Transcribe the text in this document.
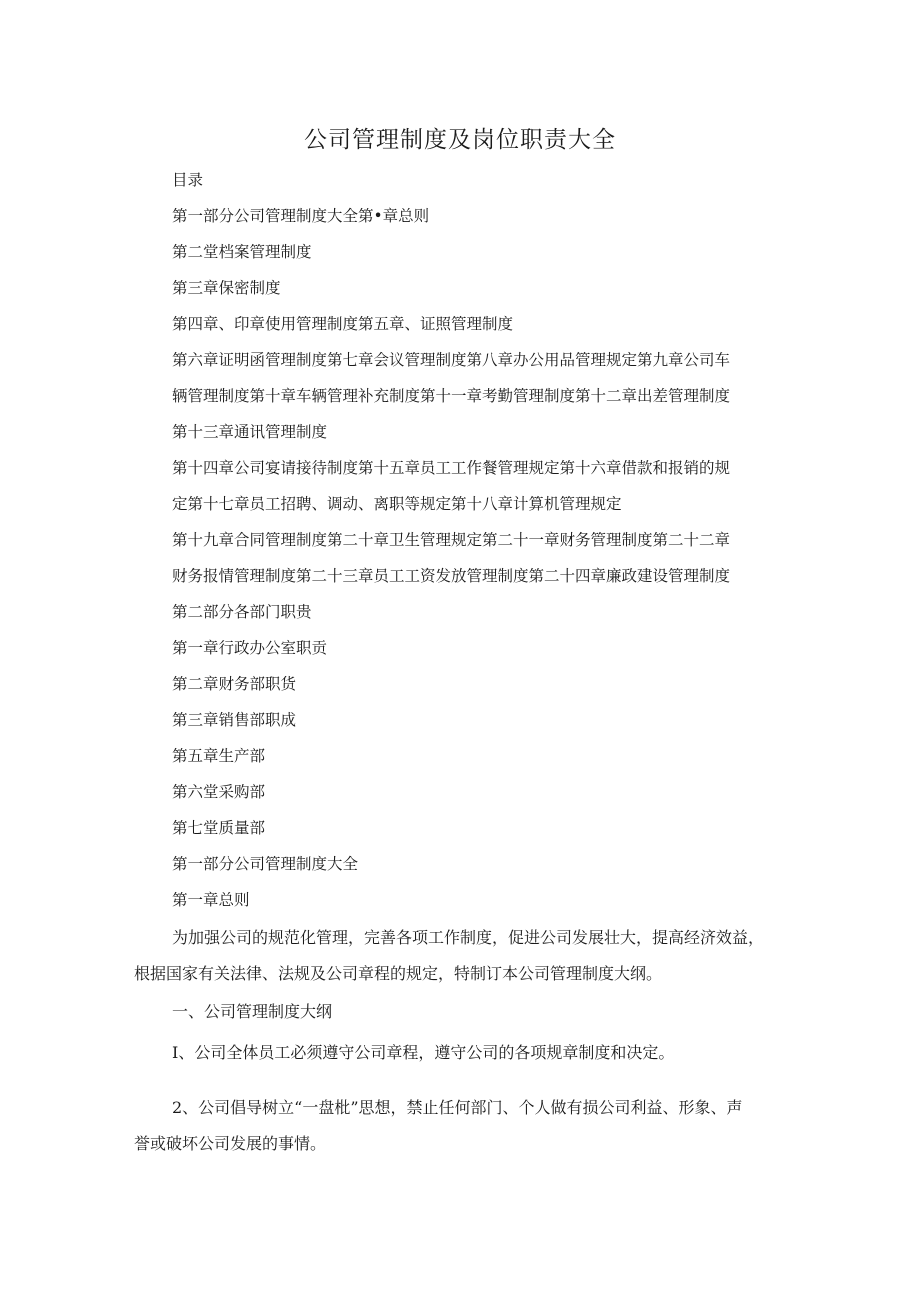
公司管理制度及岗位职责大全

目录

第一部分公司管理制度大全第•章总则

第二堂档案管理制度

第三章保密制度

第四章、印章使用管理制度第五章、证照管理制度

第六章证明函管理制度第七章会议管理制度第八章办公用品管理规定第九章公司车

辆管理制度第十章车辆管理补充制度第十一章考勤管理制度第十二章出差管理制度

第十三章通讯管理制度

第十四章公司宴请接待制度第十五章员工工作餐管理规定第十六章借款和报销的规

定第十七章员工招聘、调动、离职等规定第十八章计算机管理规定

第十九章合同管理制度第二十章卫生管理规定第二十一章财务管理制度第二十二章

财务报情管理制度第二十三章员工工资发放管理制度第二十四章廉政建设管理制度

第二部分各部门职贵

第一章行政办公室职贡

第二章财务部职货

第三章销售部职成

第五章生产部

第六堂采购部

第七堂质量部

第一部分公司管理制度大全

第一章总则

为加强公司的规范化管理，完善各项工作制度，促进公司发展壮大，提高经济效益，

根据国家有关法律、法规及公司章程的规定，特制订本公司管理制度大纲。

一、公司管理制度大纲

I、公司全体员工必须遵守公司章程，遵守公司的各项规章制度和决定。

2、公司倡导树立“一盘枇”思想，禁止任何部门、个人做有损公司利益、形象、声

誉或破坏公司发展的事情。
